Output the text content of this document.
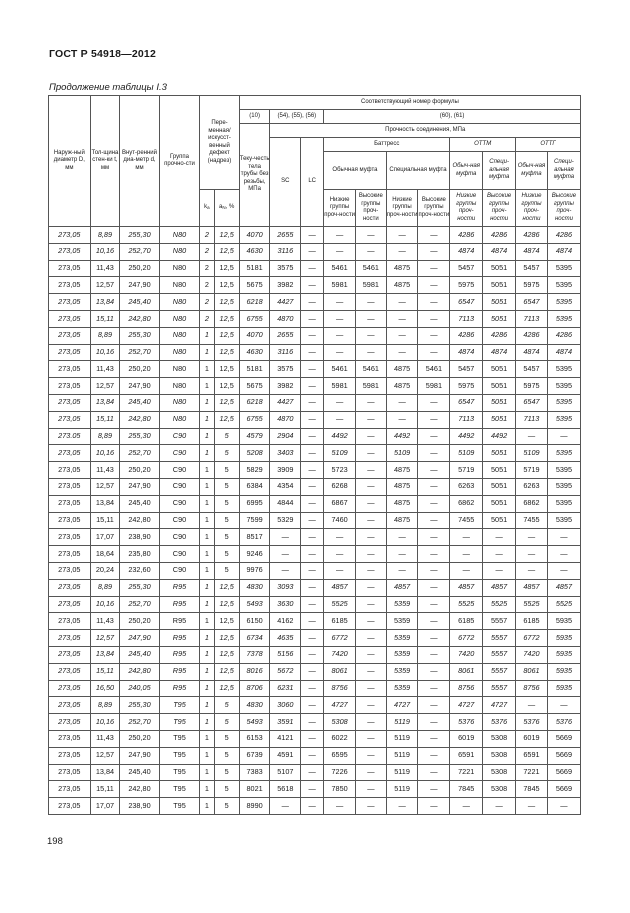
ГОСТ Р 54918—2012
Продолжение таблицы I.3
Наруж-ный диаметр D, мм	Тол-щина стен-ки t, мм	Внут-ренний диа-метр d, мм	Группа прочно-сти	Пере-менная/ искусст-венный дефект (надрез)		Соответствующий номер формулы										
						(10)	(54), (55), (56)		(60), (61)							
						Теку-честь тела трубы без резьбы, МПа	Прочность соединения, МПа									
							SC	LC	Баттресс				ОТТМ		ОТТГ	
									Обычная муфта		Специальная муфта		Обыч-ная муфта	Специ-альная муфта	Обыч-ная муфта	Специ-альная муфта
				$k_a$	$a_N$, %				Низкие группы проч-ности	Высокие группы проч-ности	Низкие группы проч-ности	Высокие группы проч-ности	Низкие группы проч-ности	Высокие группы проч-ности	Низкие группы проч-ности	Высокие группы проч-ности
273,05	8,89	255,30	N80	2	12,5	4070	2655	—	—	—	—	—	4286	4286	4286	4286
273,05	10,16	252,70	N80	2	12,5	4630	3116	—	—	—	—	—	4874	4874	4874	4874
273,05	11,43	250,20	N80	2	12,5	5181	3575	—	5461	5461	4875	—	5457	5051	5457	5395
273,05	12,57	247,90	N80	2	12,5	5675	3982	—	5981	5981	4875	—	5975	5051	5975	5395
273,05	13,84	245,40	N80	2	12,5	6218	4427	—	—	—	—	—	6547	5051	6547	5395
273,05	15,11	242,80	N80	2	12,5	6755	4870	—	—	—	—	—	7113	5051	7113	5395
273,05	8,89	255,30	N80	1	12,5	4070	2655	—	—	—	—	—	4286	4286	4286	4286
273,05	10,16	252,70	N80	1	12,5	4630	3116	—	—	—	—	—	4874	4874	4874	4874
273,05	11,43	250,20	N80	1	12,5	5181	3575	—	5461	5461	4875	5461	5457	5051	5457	5395
273,05	12,57	247,90	N80	1	12,5	5675	3982	—	5981	5981	4875	5981	5975	5051	5975	5395
273,05	13,84	245,40	N80	1	12,5	6218	4427	—	—	—	—	—	6547	5051	6547	5395
273,05	15,11	242,80	N80	1	12,5	6755	4870	—	—	—	—	—	7113	5051	7113	5395
273.05	8,89	255,30	C90	1	5	4579	2904	—	4492	—	4492	—	4492	4492	—	—
273,05	10,16	252,70	C90	1	5	5208	3403	—	5109	—	5109	—	5109	5051	5109	5395
273,05	11,43	250,20	C90	1	5	5829	3909	—	5723	—	4875	—	5719	5051	5719	5395
273,05	12,57	247,90	C90	1	5	6384	4354	—	6268	—	4875	—	6263	5051	6263	5395
273,05	13,84	245,40	C90	1	5	6995	4844	—	6867	—	4875	—	6862	5051	6862	5395
273,05	15,11	242,80	C90	1	5	7599	5329	—	7460	—	4875	—	7455	5051	7455	5395
273,05	17,07	238,90	C90	1	5	8517	—	—	—	—	—	—	—	—	—	—
273,05	18,64	235,80	C90	1	5	9246	—	—	—	—	—	—	—	—	—	—
273,05	20,24	232,60	C90	1	5	9976	—	—	—	—	—	—	—	—	—	—
273,05	8,89	255,30	R95	1	12,5	4830	3093	—	4857	—	4857	—	4857	4857	4857	4857
273,05	10,16	252,70	R95	1	12,5	5493	3630	—	5525	—	5359	—	5525	5525	5525	5525
273,05	11,43	250,20	R95	1	12,5	6150	4162	—	6185	—	5359	—	6185	5557	6185	5935
273,05	12,57	247,90	R95	1	12,5	6734	4635	—	6772	—	5359	—	6772	5557	6772	5935
273,05	13,84	245,40	R95	1	12,5	7378	5156	—	7420	—	5359	—	7420	5557	7420	5935
273,05	15,11	242,80	R95	1	12,5	8016	5672	—	8061	—	5359	—	8061	5557	8061	5935
273,05	16,50	240,05	R95	1	12,5	8706	6231	—	8756	—	5359	—	8756	5557	8756	5935
273,05	8,89	255,30	T95	1	5	4830	3060	—	4727	—	4727	—	4727	4727	—	—
273,05	10,16	252,70	T95	1	5	5493	3591	—	5308	—	5119	—	5376	5376	5376	5376
273,05	11,43	250,20	T95	1	5	6153	4121	—	6022	—	5119	—	6019	5308	6019	5669
273,05	12,57	247,90	T95	1	5	6739	4591	—	6595	—	5119	—	6591	5308	6591	5669
273,05	13,84	245,40	T95	1	5	7383	5107	—	7226	—	5119	—	7221	5308	7221	5669
273,05	15,11	242,80	T95	1	5	8021	5618	—	7850	—	5119	—	7845	5308	7845	5669
273,05	17,07	238,90	T95	1	5	8990	—	—	—	—	—	—	—	—	—	—
198
